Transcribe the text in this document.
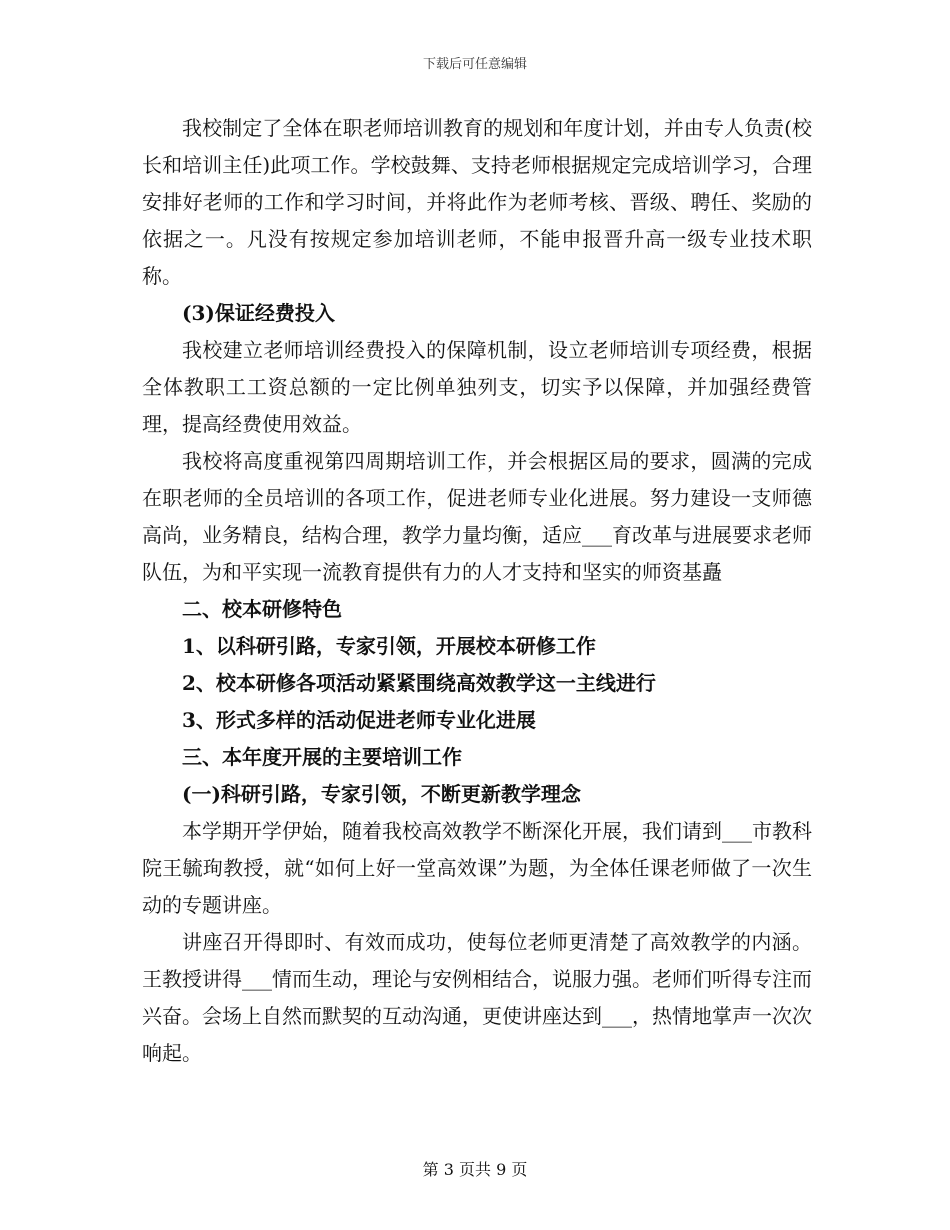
下载后可任意编辑

我校制定了全体在职老师培训教育的规划和年度计划，并由专人负责(校长和培训主任)此项工作。学校鼓舞、支持老师根据规定完成培训学习，合理安排好老师的工作和学习时间，并将此作为老师考核、晋级、聘任、奖励的依据之一。凡没有按规定参加培训老师，不能申报晋升高一级专业技术职称。

(3)保证经费投入

我校建立老师培训经费投入的保障机制，设立老师培训专项经费，根据全体教职工工资总额的一定比例单独列支，切实予以保障，并加强经费管理，提高经费使用效益。

我校将高度重视第四周期培训工作，并会根据区局的要求，圆满的完成在职老师的全员培训的各项工作，促进老师专业化进展。努力建设一支师德高尚，业务精良，结构合理，教学力量均衡，适应___育改革与进展要求老师队伍，为和平实现一流教育提供有力的人才支持和坚实的师资基矗

二、校本研修特色

1、以科研引路，专家引领，开展校本研修工作

2、校本研修各项活动紧紧围绕高效教学这一主线进行

3、形式多样的活动促进老师专业化进展

三、本年度开展的主要培训工作

(一)科研引路，专家引领，不断更新教学理念

本学期开学伊始，随着我校高效教学不断深化开展，我们请到___市教科院王毓珣教授，就“如何上好一堂高效课”为题，为全体任课老师做了一次生动的专题讲座。

讲座召开得即时、有效而成功，使每位老师更清楚了高效教学的内涵。王教授讲得___情而生动，理论与安例相结合，说服力强。老师们听得专注而兴奋。会场上自然而默契的互动沟通，更使讲座达到___，热情地掌声一次次响起。

第 3 页共 9 页
